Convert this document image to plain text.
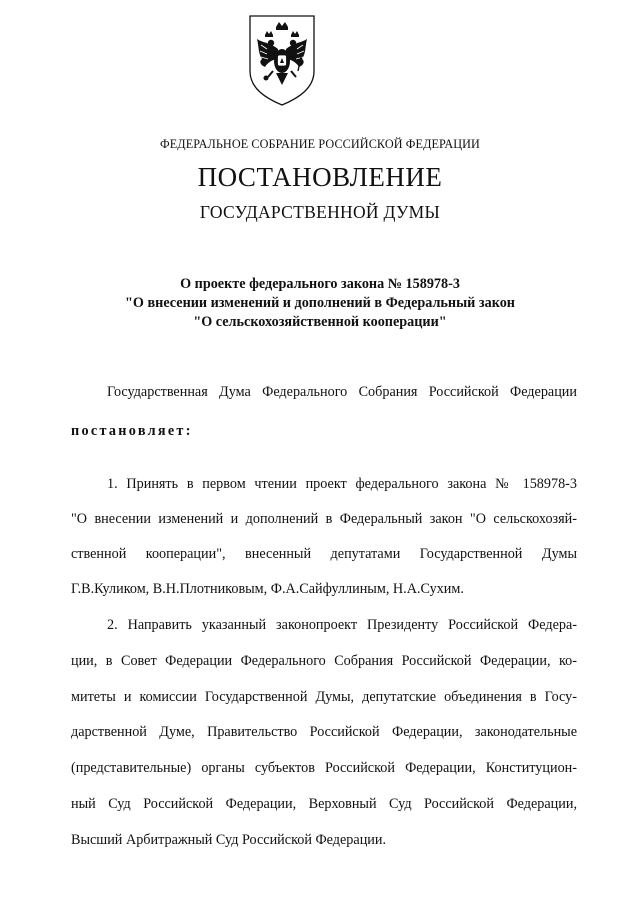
ФЕДЕРАЛЬНОЕ СОБРАНИЕ РОССИЙСКОЙ ФЕДЕРАЦИИ
ПОСТАНОВЛЕНИЕ
ГОСУДАРСТВЕННОЙ ДУМЫ
О проекте федерального закона № 158978-3
"О внесении изменений и дополнений в Федеральный закон
"О сельскохозяйственной кооперации"
Государственная Дума Федерального Собрания Российской Федерации
постановляет:
1. Принять в первом чтении проект федерального закона № 158978-3
"О внесении изменений и дополнений в Федеральный закон "О сельскохозяй-
ственной кооперации", внесенный депутатами Государственной Думы
Г.В.Куликом, В.Н.Плотниковым, Ф.А.Сайфуллиным, Н.А.Сухим.
2. Направить указанный законопроект Президенту Российской Федера-
ции, в Совет Федерации Федерального Собрания Российской Федерации, ко-
митеты и комиссии Государственной Думы, депутатские объединения в Госу-
дарственной Думе, Правительство Российской Федерации, законодательные
(представительные) органы субъектов Российской Федерации, Конституцион-
ный Суд Российской Федерации, Верховный Суд Российской Федерации,
Высший Арбитражный Суд Российской Федерации.
